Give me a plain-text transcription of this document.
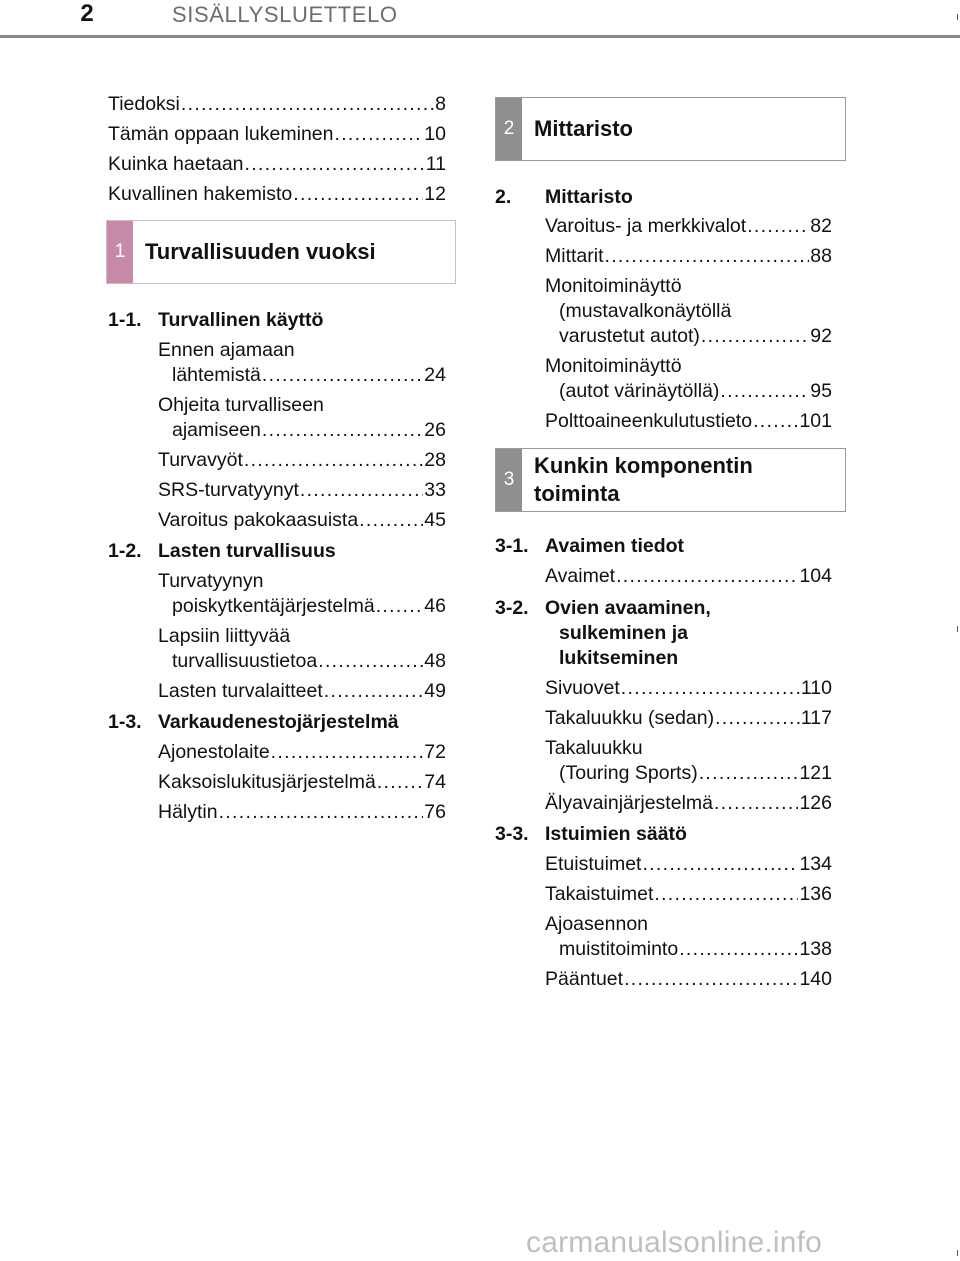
2	SISÄLLYSLUETTELO
Tiedoksi .....	8
Tämän oppaan lukeminen .....	10
Kuinka haetaan .....	11
Kuvallinen hakemisto .....	12
1 Turvallisuuden vuoksi
1-1. Turvallinen käyttö
Ennen ajamaan
lähtemistä .....	24
Ohjeita turvalliseen
ajamiseen .....	26
Turvavyöt .....	28
SRS-turvatyynyt .....	33
Varoitus pakokaasuista .....	45
1-2. Lasten turvallisuus
Turvatyynyn
poiskytkentäjärjestelmä .....	46
Lapsiin liittyvää
turvallisuustietoa .....	48
Lasten turvalaitteet .....	49
1-3. Varkaudenestojärjestelmä
Ajonestolaite .....	72
Kaksoislukitusjärjestelmä ..... 74
Hälytin .....	76
2 Mittaristo
2. Mittaristo
Varoitus- ja merkkivalot .....	82
Mittarit .....	88
Monitoiminäyttö
(mustavalkonäytöllä
varustetut autot) .....	92
Monitoiminäyttö
(autot värinäytöllä) .....	95
Polttoaineenkulutustieto ..... 101
3
Kunkin komponentin
toiminta
3-1. Avaimen tiedot
Avaimet .....	104
3-2. Ovien avaaminen,
sulkeminen ja
lukitseminen
Sivuovet .....	110
Takaluukku (sedan) .....	117
Takaluukku
(Touring Sports) .....	121
Älyavainjärjestelmä .....	126
3-3. Istuimien säätö
Etuistuimet .....	134
Takaistuimet .....	136
Ajoasennon
muistitoiminto .....	138
Pääntuet .....	140
carmanualsonline.info
